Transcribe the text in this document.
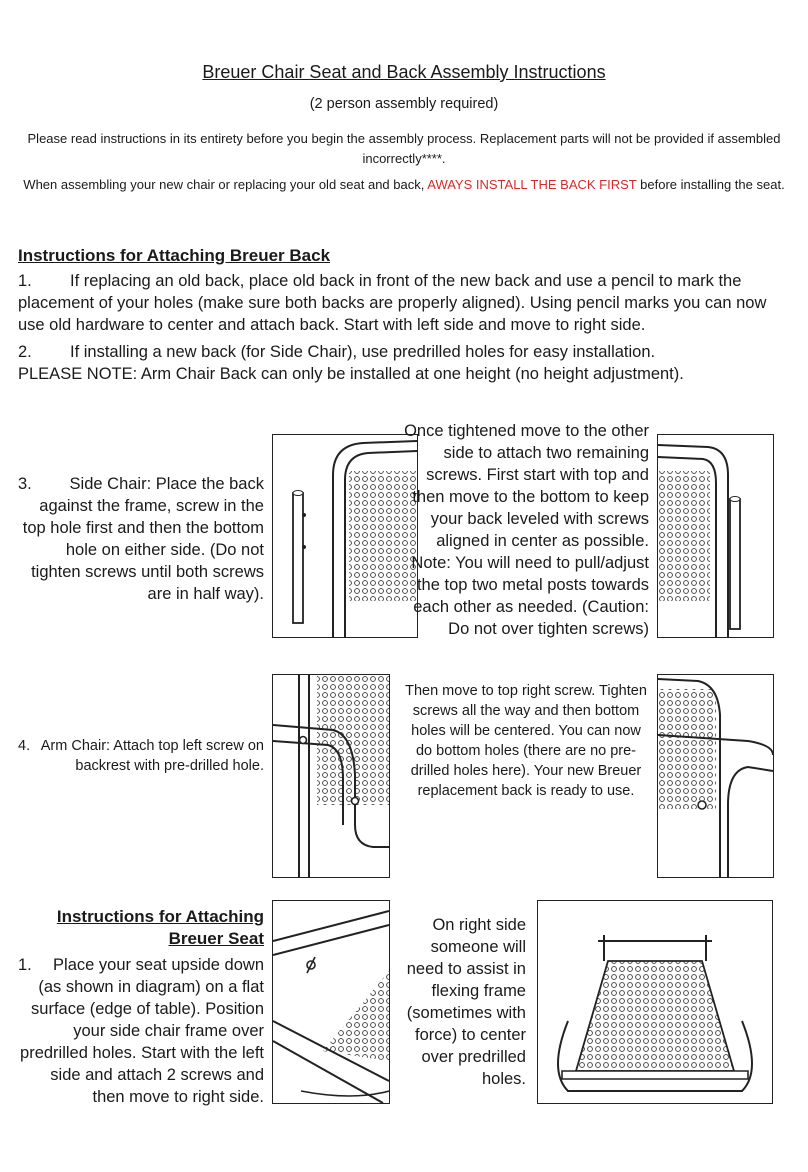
Breuer Chair Seat and Back Assembly Instructions
(2 person assembly required)
Please read instructions in its entirety before you begin the assembly process. Replacement parts will not be provided if assembled incorrectly****.
When assembling your new chair or replacing your old seat and back, AWAYS INSTALL THE BACK FIRST before installing the seat.
Instructions for Attaching Breuer Back
1. If replacing an old back, place old back in front of the new back and use a pencil to mark the placement of your holes (make sure both backs are properly aligned). Using pencil marks you can now use old hardware to center and attach back. Start with left side and move to right side.
2. If installing a new back (for Side Chair), use predrilled holes for easy installation.
PLEASE NOTE: Arm Chair Back can only be installed at one height (no height adjustment).
3. Side Chair: Place the back against the frame, screw in the top hole first and then the bottom hole on either side. (Do not tighten screws until both screws are in half way).
Once tightened move to the other side to attach two remaining screws. First start with top and then move to the bottom to keep your back leveled with screws aligned in center as possible. Note: You will need to pull/adjust the top two metal posts towards each other as needed. (Caution: Do not over tighten screws)
4. Arm Chair: Attach top left screw on backrest with pre-drilled hole.
Then move to top right screw. Tighten screws all the way and then bottom holes will be centered. You can now do bottom holes (there are no pre-drilled holes here). Your new Breuer replacement back is ready to use.
Instructions for Attaching Breuer Seat
1. Place your seat upside down (as shown in diagram) on a flat surface (edge of table). Position your side chair frame over predrilled holes. Start with the left side and attach 2 screws and then move to right side.
On right side someone will need to assist in flexing frame (sometimes with force) to center over predrilled holes.
